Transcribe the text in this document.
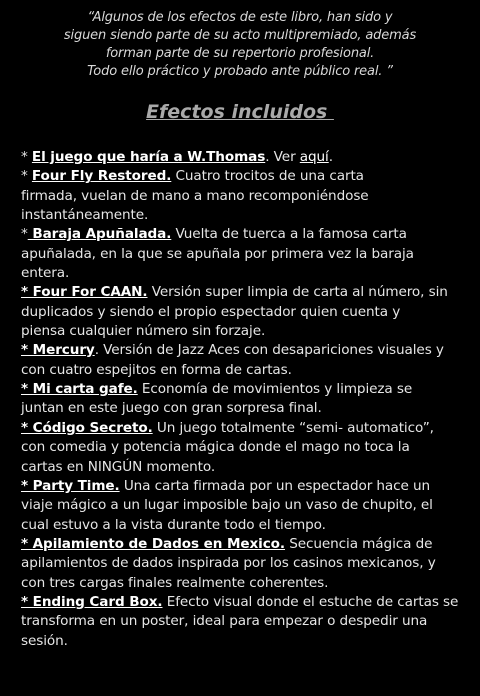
“Algunos de los efectos de este libro, han sido y
siguen siendo parte de su acto multipremiado, además
forman parte de su repertorio profesional.
Todo ello práctico y probado ante público real. ”
Efectos incluidos
* El juego que haría a W.Thomas. Ver aquí.
* Four Fly Restored. Cuatro trocitos de una carta
firmada, vuelan de mano a mano recomponiéndose
instantáneamente.
* Baraja Apuñalada. Vuelta de tuerca a la famosa carta
apuñalada, en la que se apuñala por primera vez la baraja
entera.
* Four For CAAN. Versión super limpia de carta al número, sin
duplicados y siendo el propio espectador quien cuenta y
piensa cualquier número sin forzaje.
* Mercury. Versión de Jazz Aces con desapariciones visuales y
con cuatro espejitos en forma de cartas.
* Mi carta gafe. Economía de movimientos y limpieza se
juntan en este juego con gran sorpresa final.
* Código Secreto. Un juego totalmente “semi- automatico”,
con comedia y potencia mágica donde el mago no toca la
cartas en NINGÚN momento.
* Party Time. Una carta firmada por un espectador hace un
viaje mágico a un lugar imposible bajo un vaso de chupito, el
cual estuvo a la vista durante todo el tiempo.
* Apilamiento de Dados en Mexico. Secuencia mágica de
apilamientos de dados inspirada por los casinos mexicanos, y
con tres cargas finales realmente coherentes.
* Ending Card Box. Efecto visual donde el estuche de cartas se
transforma en un poster, ideal para empezar o despedir una
sesión.
